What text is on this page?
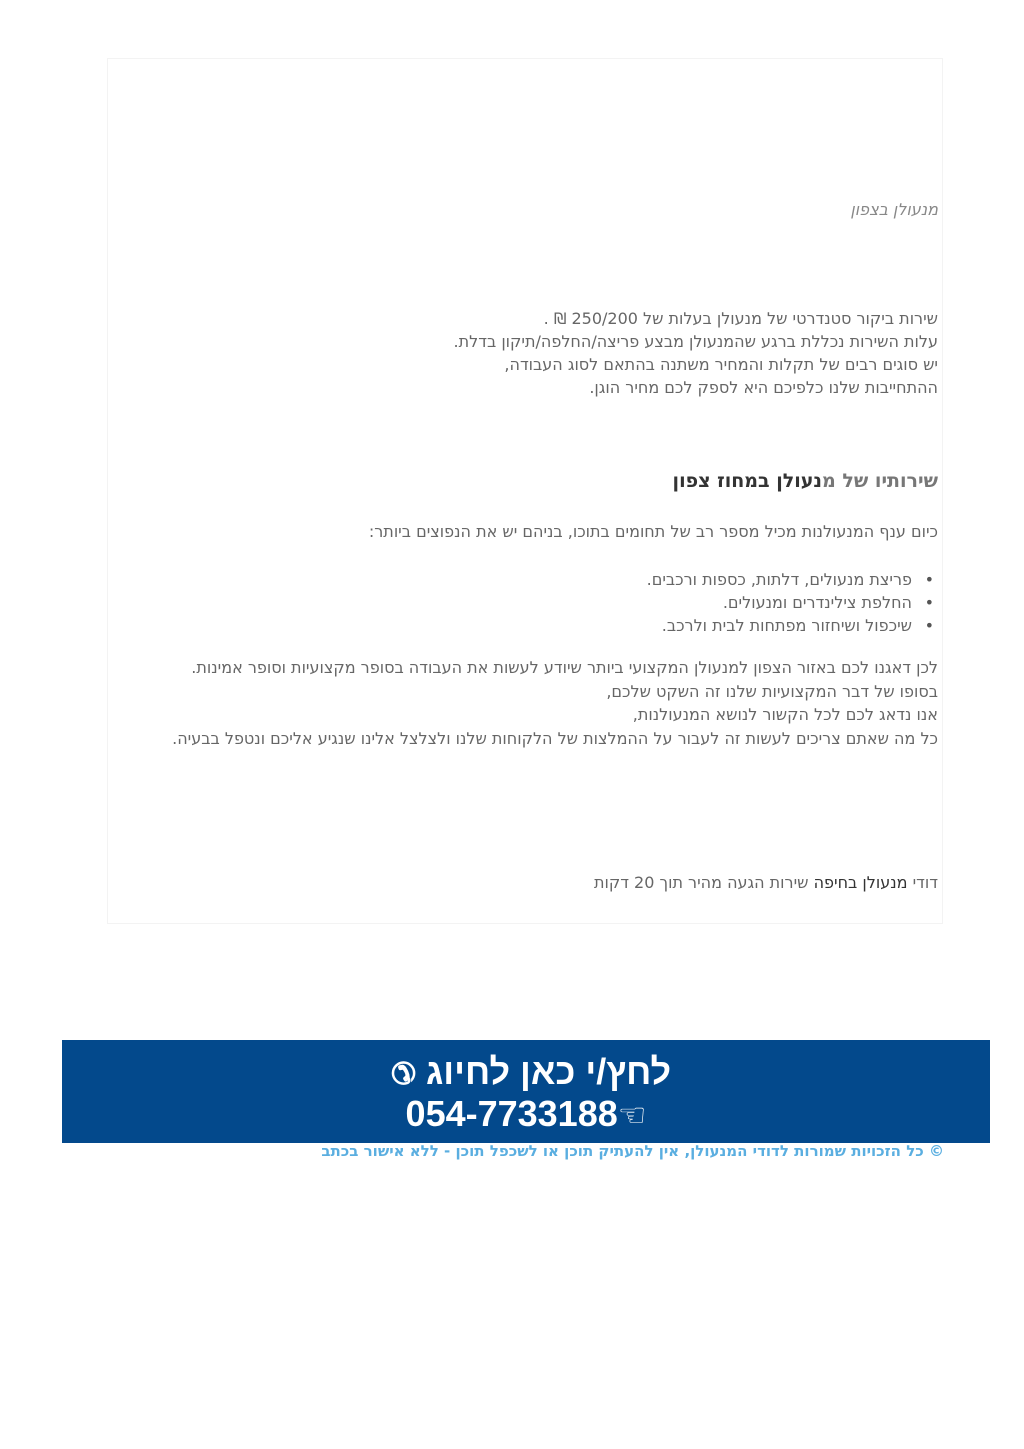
מנעולן בצפון
שירות ביקור סטנדרטי של מנעולן בעלות של 250/200 ₪ .
עלות השירות נכללת ברגע שהמנעולן מבצע פריצה/החלפה/תיקון בדלת.
יש סוגים רבים של תקלות והמחיר משתנה בהתאם לסוג העבודה,
ההתחייבות שלנו כלפיכם היא לספק לכם מחיר הוגן.
שירותיו של מנעולן במחוז צפון
כיום ענף המנעולנות מכיל מספר רב של תחומים בתוכו, בניהם יש את הנפוצים ביותר:
• פריצת מנעולים, דלתות, כספות ורכבים.
• החלפת צילינדרים ומנעולים.
• שיכפול ושיחזור מפתחות לבית ולרכב.
לכן דאגנו לכם באזור הצפון למנעולן המקצועי ביותר שיודע לעשות את העבודה בסופר מקצועיות וסופר אמינות.
בסופו של דבר המקצועיות שלנו זה השקט שלכם,
אנו נדאג לכם לכל הקשור לנושא המנעולנות,
כל מה שאתם צריכים לעשות זה לעבור על ההמלצות של הלקוחות שלנו ולצלצל אלינו שנגיע אליכם ונטפל בבעיה.
דודי מנעולן בחיפה שירות הגעה מהיר תוך 20 דקות
לחץ/י כאן לחיוג ✆
054-7733188☜
© כל הזכויות שמורות לדודי המנעולן, אין להעתיק תוכן או לשכפל תוכן - ללא אישור בכתב
